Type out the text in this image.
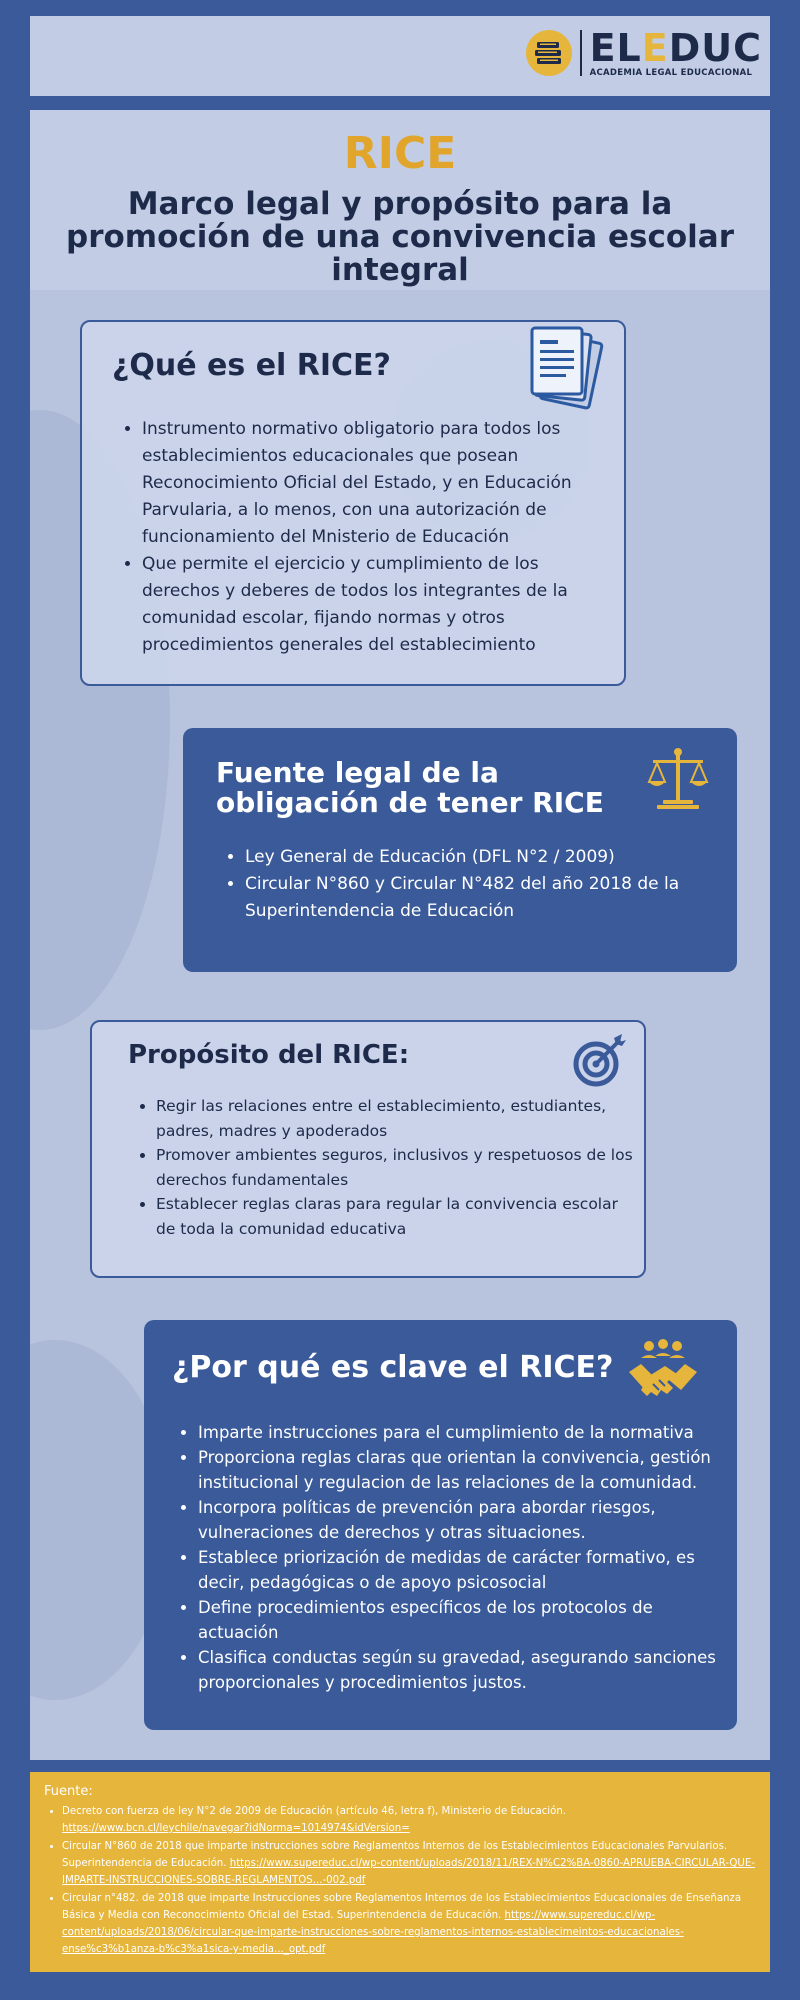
ELEDUC
ACADEMIA LEGAL EDUCACIONAL
RICE
Marco legal y propósito para la promoción de una convivencia escolar integral
¿Qué es el RICE?
• Instrumento normativo obligatorio para todos los establecimientos educacionales que posean Reconocimiento Oficial del Estado, y en Educación Parvularia, a lo menos, con una autorización de funcionamiento del Mnisterio de Educación
• Que permite el ejercicio y cumplimiento de los derechos y deberes de todos los integrantes de la comunidad escolar, fijando normas y otros procedimientos generales del establecimiento
Fuente legal de la obligación de tener RICE
• Ley General de Educación (DFL N°2 / 2009)
• Circular N°860 y Circular N°482 del año 2018 de la Superintendencia de Educación
Propósito del RICE:
• Regir las relaciones entre el establecimiento, estudiantes, padres, madres y apoderados
• Promover ambientes seguros, inclusivos y respetuosos de los derechos fundamentales
• Establecer reglas claras para regular la convivencia escolar de toda la comunidad educativa
¿Por qué es clave el RICE?
• Imparte instrucciones para el cumplimiento de la normativa
• Proporciona reglas claras que orientan la convivencia, gestión institucional y regulacion de las relaciones de la comunidad.
• Incorpora políticas de prevención para abordar riesgos, vulneraciones de derechos y otras situaciones.
• Establece priorización de medidas de carácter formativo, es decir, pedagógicas o de apoyo psicosocial
• Define procedimientos específicos de los protocolos de actuación
• Clasifica conductas según su gravedad, asegurando sanciones proporcionales y procedimientos justos.
Fuente:
• Decreto con fuerza de ley N°2 de 2009 de Educación (artículo 46, letra f), Ministerio de Educación. https://www.bcn.cl/leychile/navegar?idNorma=1014974&idVersion=
• Circular N°860 de 2018 que imparte instrucciones sobre Reglamentos Internos de los Establecimientos Educacionales Parvularios. Superintendencia de Educación. https://www.supereduc.cl/wp-content/uploads/2018/11/REX-N%C2%BA-0860-APRUEBA-CIRCULAR-QUE-IMPARTE-INSTRUCCIONES-SOBRE-REGLAMENTOS...-002.pdf
• Circular n°482. de 2018 que imparte Instrucciones sobre Reglamentos Internos de los Establecimientos Educacionales de Enseñanza Básica y Media con Reconocimiento Oficial del Estad. Superintendencia de Educación. https://www.supereduc.cl/wp-content/uploads/2018/06/circular-que-imparte-instrucciones-sobre-reglamentos-internos-establecimeintos-educacionales-ense%c3%b1anza-b%c3%a1sica-y-media..._opt.pdf
